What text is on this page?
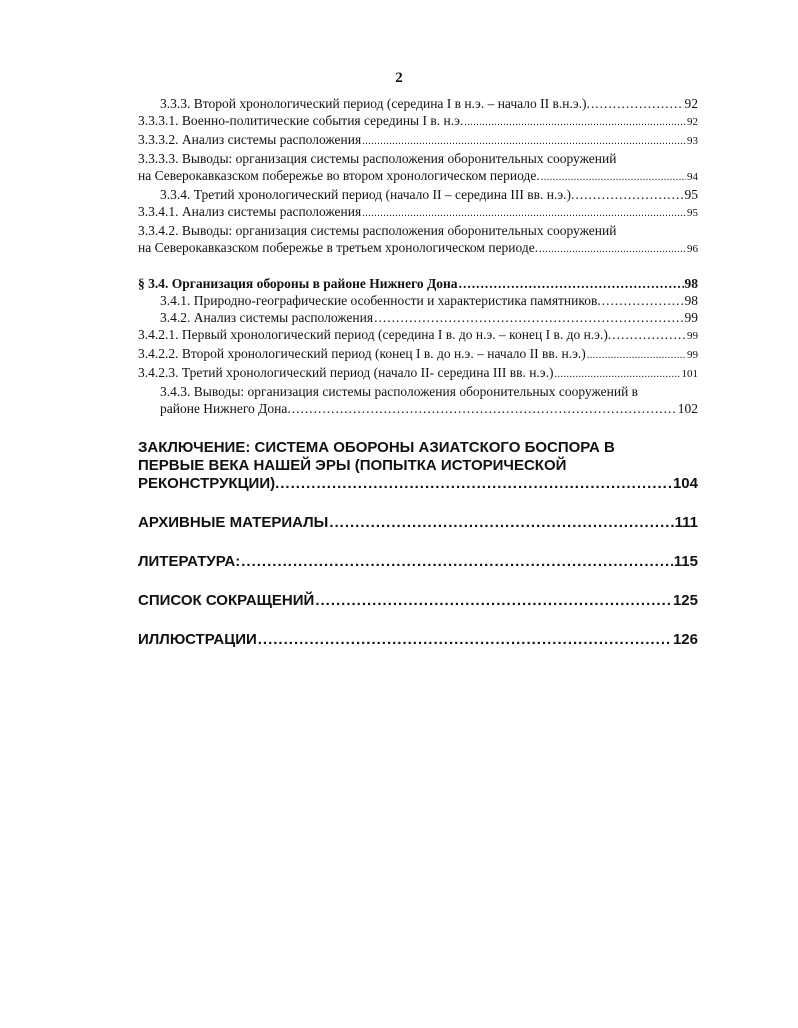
2
3.3.3. Второй хронологический период (середина I в н.э. – начало II в.н.э.). .....	92
3.3.3.1. Военно-политические события середины I в. н.э. .....	92
3.3.3.2. Анализ системы расположения .....	93
3.3.3.3. Выводы: организация системы расположения оборонительных сооружений
на Северокавказском побережье во втором хронологичеcком периоде. .....	94
3.3.4. Третий хронологический период (начало II – середина III вв. н.э.). .....	95
3.3.4.1. Анализ системы расположения .....	95
3.3.4.2. Выводы: организация системы расположения оборонительных сооружений
на Северокавказском побережье в третьем хронологичеcком периоде. .....	96
§ 3.4. Организация обороны в районе Нижнего Дона .....	98
3.4.1. Природно-географические особенности и характеристика памятников. .....	98
3.4.2. Анализ системы расположения .....	99
3.4.2.1. Первый хронологический период (середина I в. до н.э. – конец I в. до н.э.). .....	99
3.4.2.2. Второй хронологический период (конец I в. до н.э. – начало II вв. н.э.) .....	99
3.4.2.3. Третий хронологический период (начало II- середина III вв. н.э.) .....	101
3.4.3. Выводы: организация системы расположения оборонительных сооружений в
районе Нижнего Дона. .....	102
ЗАКЛЮЧЕНИЕ: СИСТЕМА ОБОРОНЫ АЗИАТСКОГО БОСПОРА В
ПЕРВЫЕ ВЕКА НАШЕЙ ЭРЫ (ПОПЫТКА ИСТОРИЧЕСКОЙ
РЕКОНСТРУКЦИИ). .....	104
АРХИВНЫЕ МАТЕРИАЛЫ .....	111
ЛИТЕРАТУРА: .....	115
СПИСОК СОКРАЩЕНИЙ .....	125
ИЛЛЮСТРАЦИИ .....	126
